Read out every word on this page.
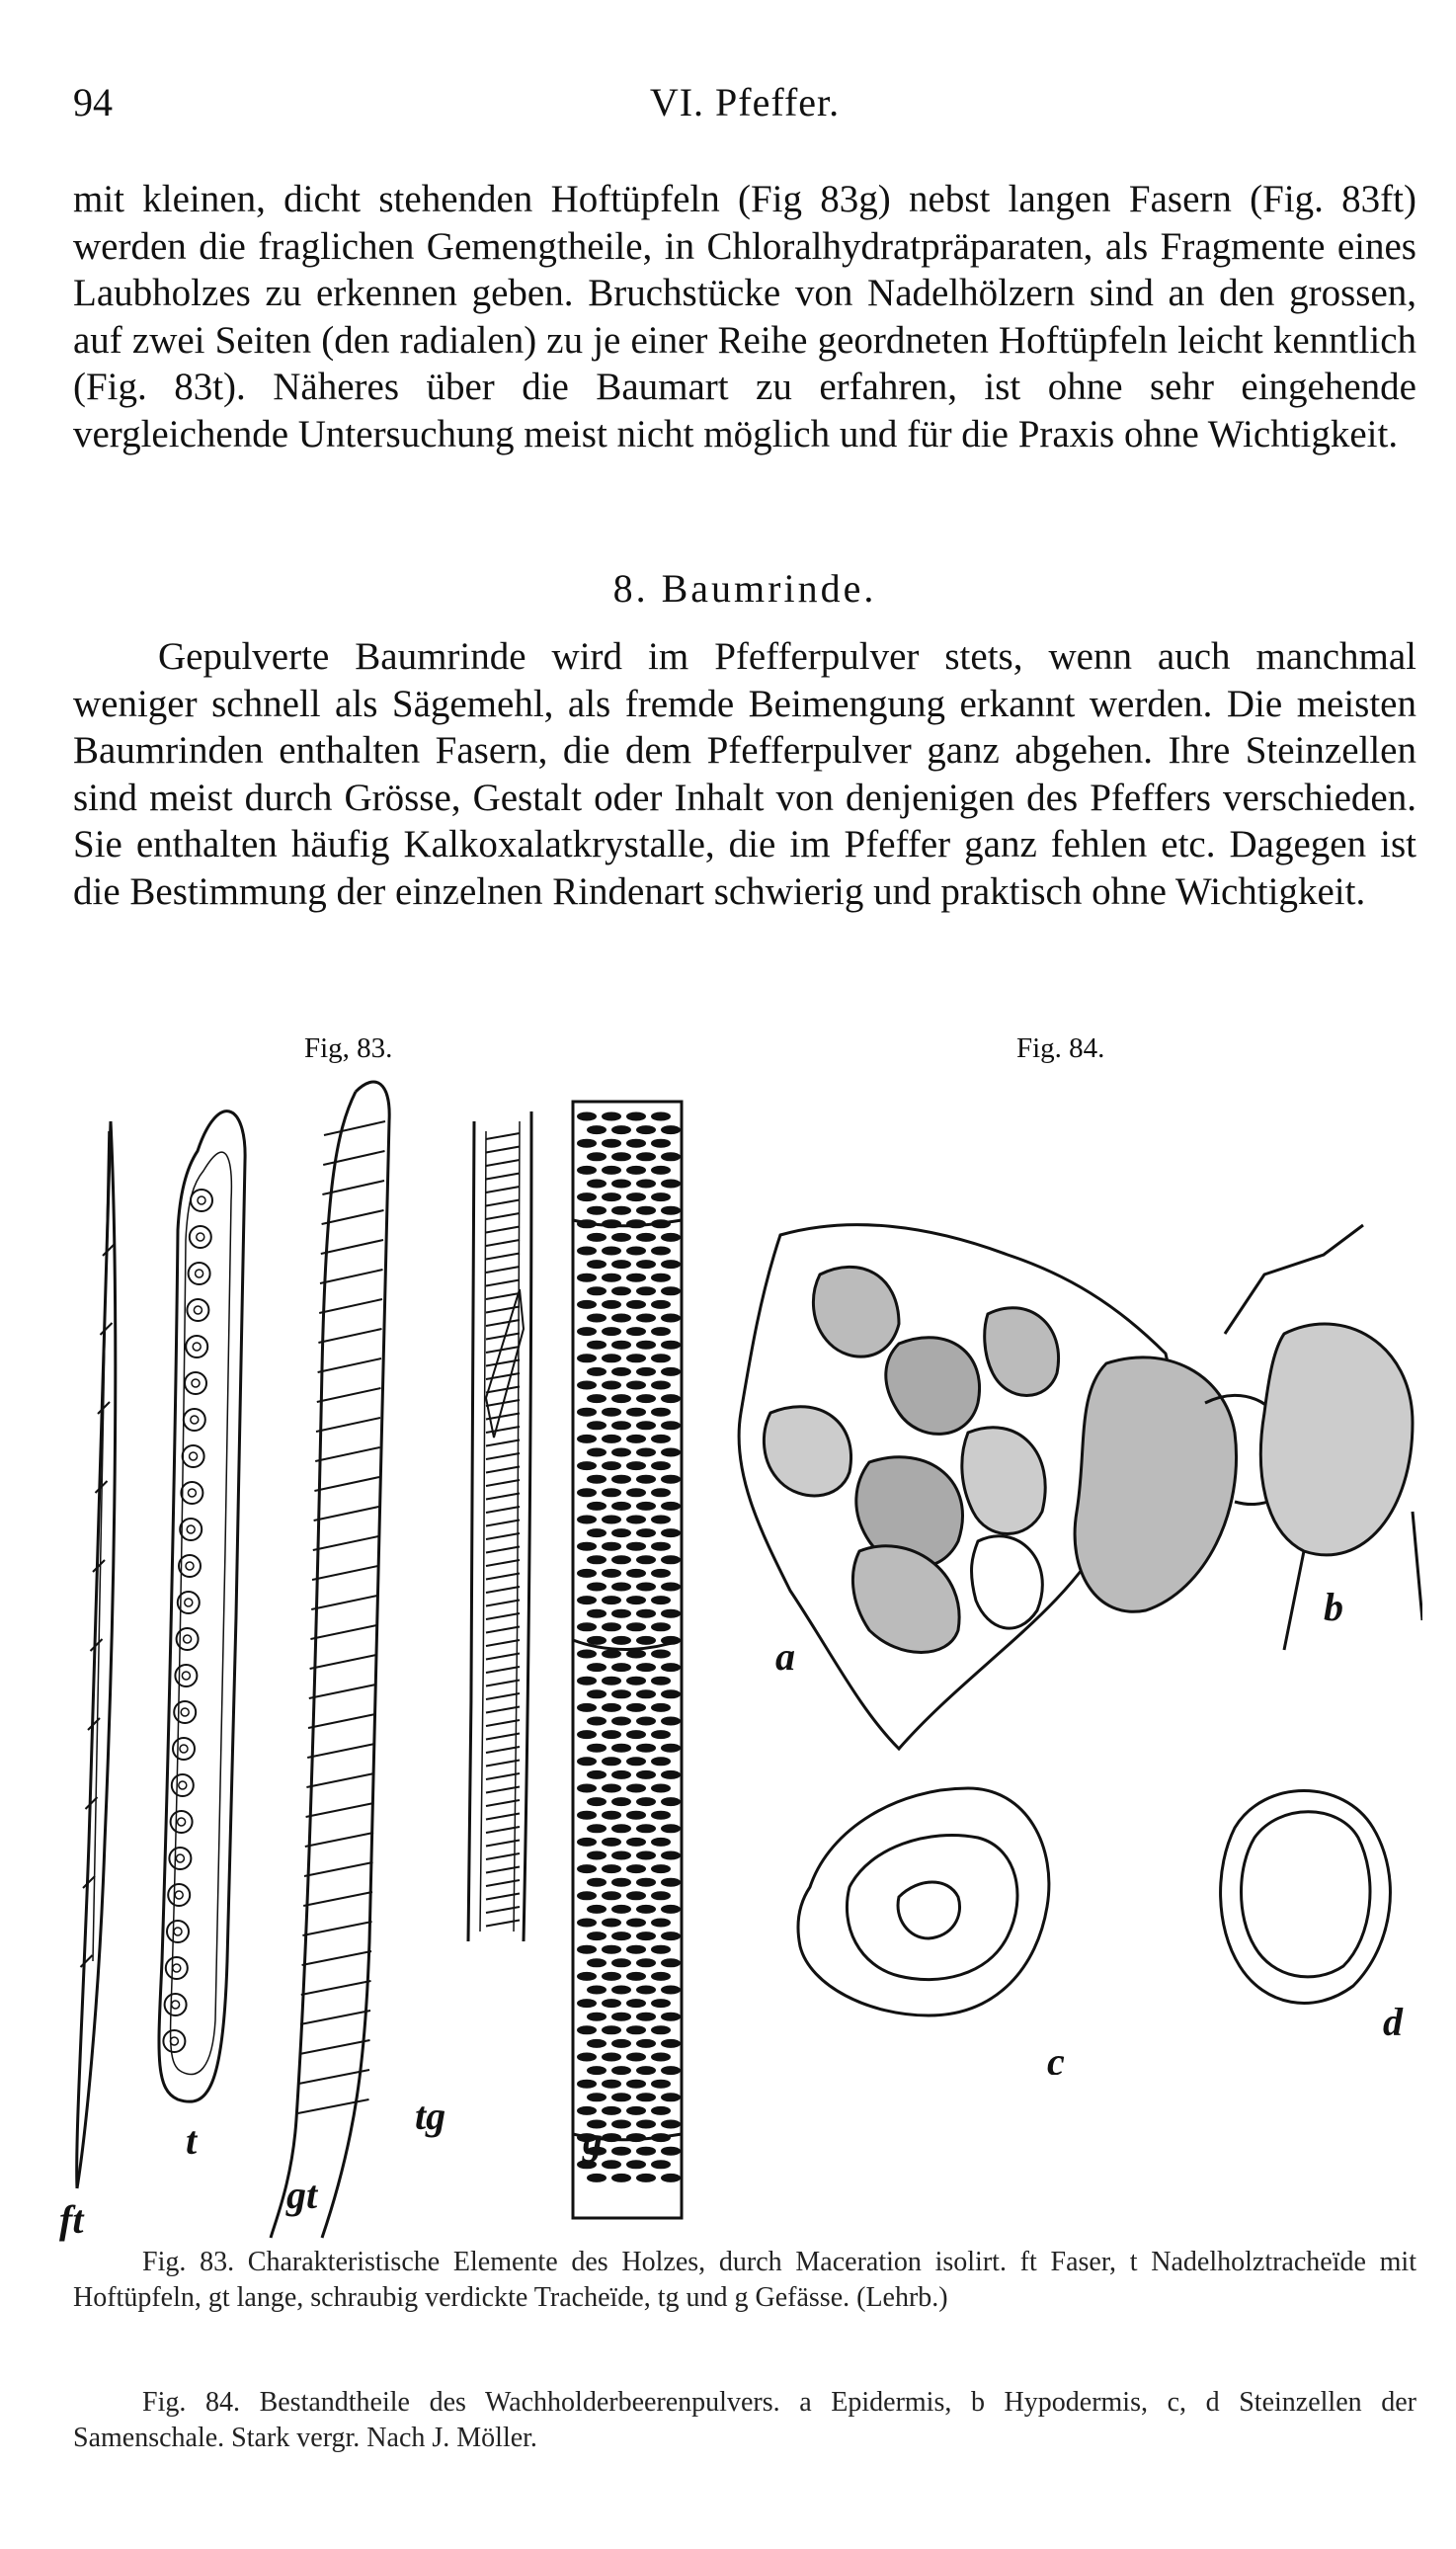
94	VI. Pfeffer.

mit kleinen, dicht stehenden Hoftüpfeln (Fig 83g) nebst langen Fasern (Fig. 83ft) werden die fraglichen Gemengtheile, in Chloralhydratpräparaten, als Fragmente eines Laubholzes zu erkennen geben. Bruchstücke von Nadelhölzern sind an den grossen, auf zwei Seiten (den radialen) zu je einer Reihe geordneten Hoftüpfeln leicht kenntlich (Fig. 83t). Näheres über die Baumart zu erfahren, ist ohne sehr eingehende vergleichende Untersuchung meist nicht möglich und für die Praxis ohne Wichtigkeit.

8. Baumrinde.

Gepulverte Baumrinde wird im Pfefferpulver stets, wenn auch manchmal weniger schnell als Sägemehl, als fremde Beimengung erkannt werden. Die meisten Baumrinden enthalten Fasern, die dem Pfefferpulver ganz abgehen. Ihre Steinzellen sind meist durch Grösse, Gestalt oder Inhalt von denjenigen des Pfeffers verschieden. Sie enthalten häufig Kalkoxalatkrystalle, die im Pfeffer ganz fehlen etc. Dagegen ist die Bestimmung der einzelnen Rindenart schwierig und praktisch ohne Wichtigkeit.

Fig, 83.	Fig. 84.
ft
t
gt
tg
g
a
b
c
d

Fig. 83. Charakteristische Elemente des Holzes, durch Maceration isolirt. ft Faser, t Nadelholztracheïde mit Hoftüpfeln, gt lange, schraubig verdickte Tracheïde, tg und g Gefässe. (Lehrb.)

Fig. 84. Bestandtheile des Wachholderbeerenpulvers. a Epidermis, b Hypodermis, c, d Steinzellen der Samenschale. Stark vergr. Nach J. Möller.
